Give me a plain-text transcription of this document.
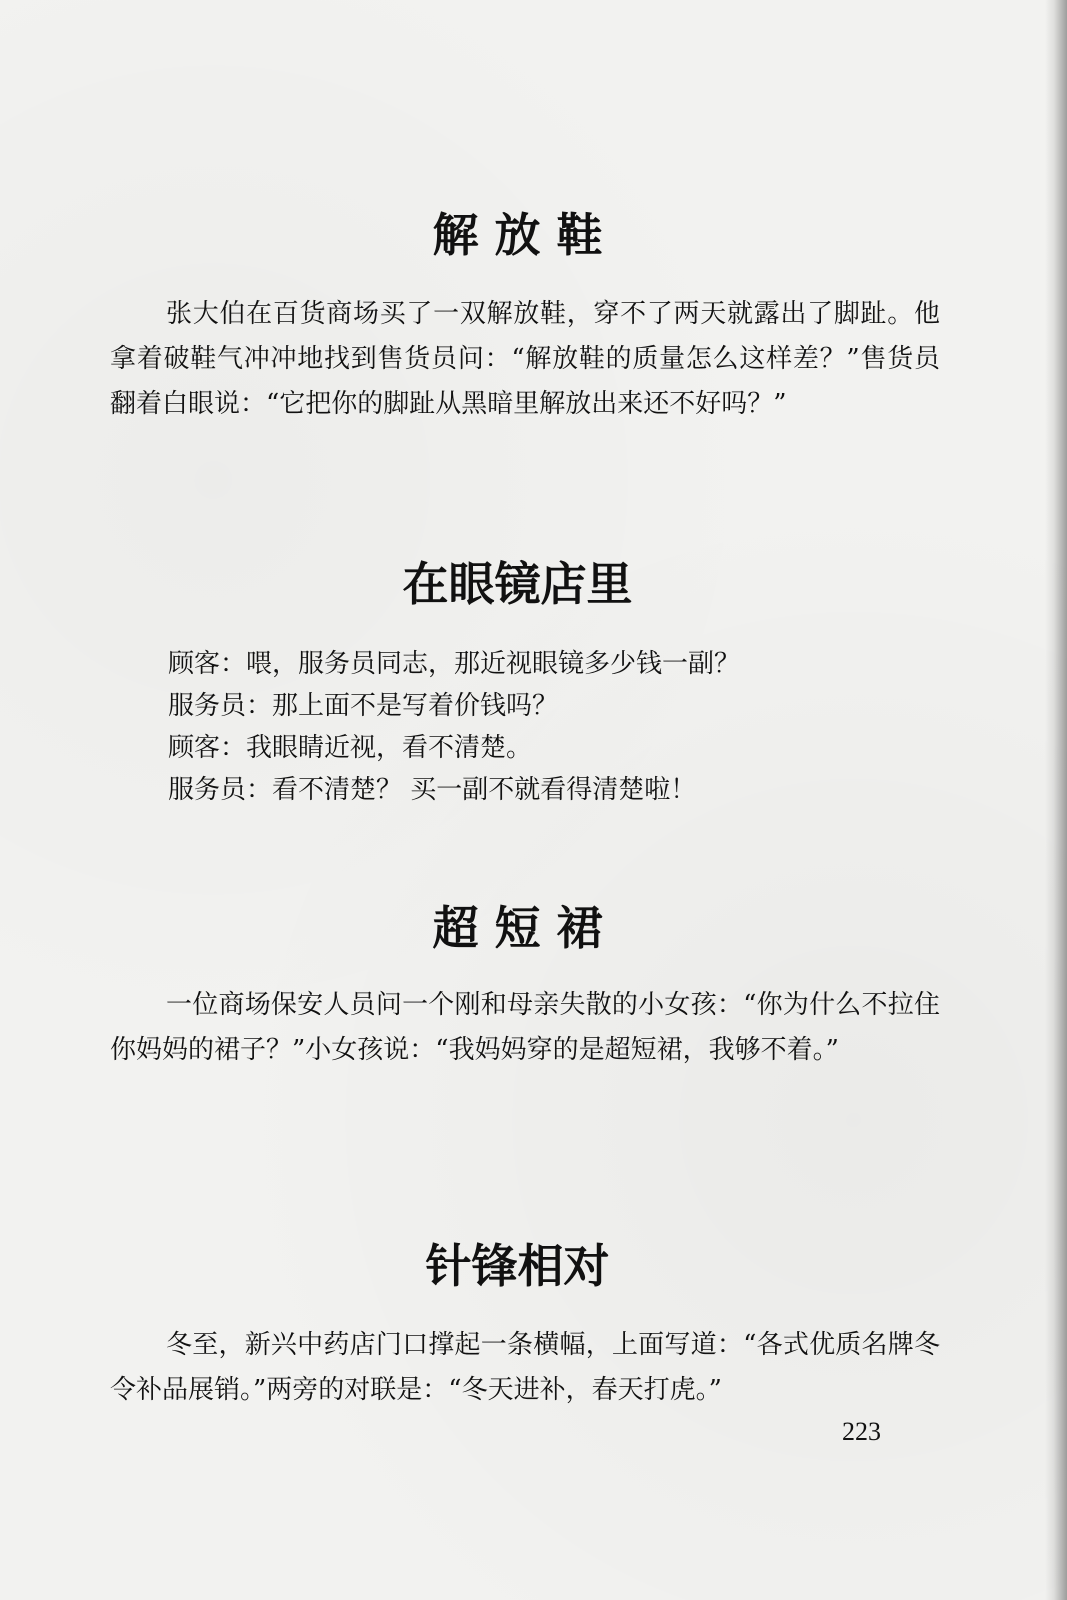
解 放 鞋

张大伯在百货商场买了一双解放鞋，穿不了两天就露出了脚趾。他拿着破鞋气冲冲地找到售货员问：“解放鞋的质量怎么这样差？”售货员翻着白眼说：“它把你的脚趾从黑暗里解放出来还不好吗？”

在眼镜店里
顾客：喂，服务员同志，那近视眼镜多少钱一副？
服务员：那上面不是写着价钱吗？
顾客：我眼睛近视，看不清楚。
服务员：看不清楚？ 买一副不就看得清楚啦！
超 短 裙

一位商场保安人员问一个刚和母亲失散的小女孩：“你为什么不拉住你妈妈的裙子？”小女孩说：“我妈妈穿的是超短裙，我够不着。”

针锋相对

冬至，新兴中药店门口撑起一条横幅，上面写道：“各式优质名牌冬令补品展销。”两旁的对联是：“冬天进补，春天打虎。”

223
